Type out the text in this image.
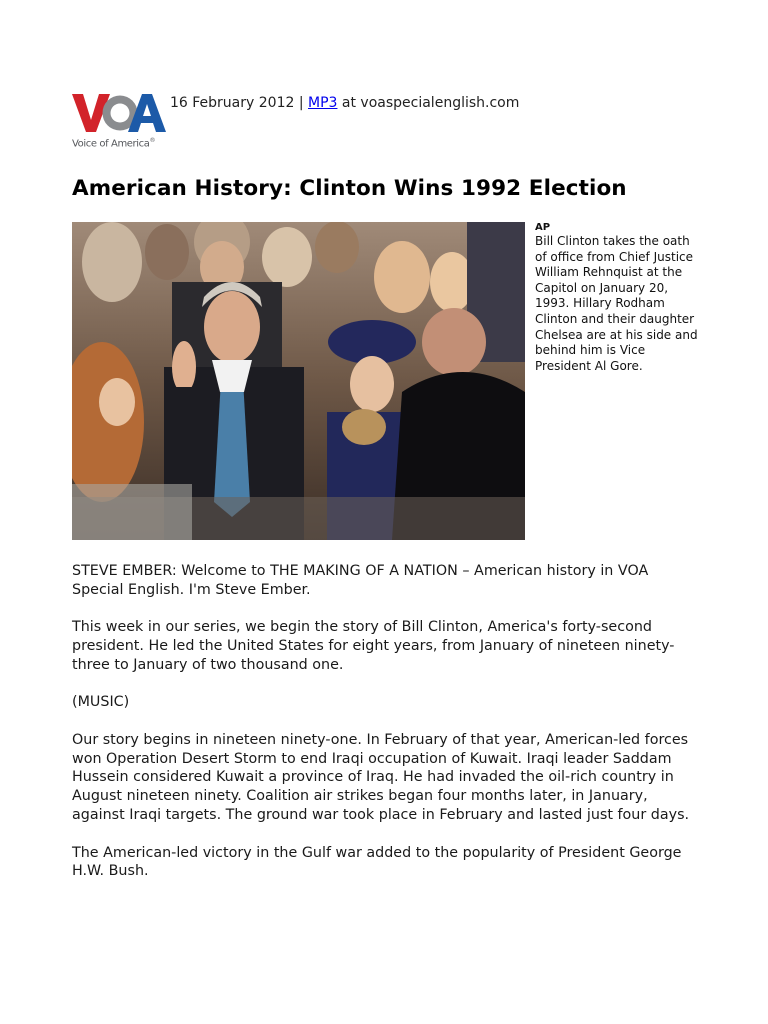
Voice of America®
16 February 2012 | MP3 at voaspecialenglish.com
American History: Clinton Wins 1992 Election
AP
Bill Clinton takes the oath of office from Chief Justice William Rehnquist at the Capitol on January 20, 1993. Hillary Rodham Clinton and their daughter Chelsea are at his side and behind him is Vice President Al Gore.

STEVE EMBER: Welcome to THE MAKING OF A NATION – American history in VOA Special English. I'm Steve Ember.

This week in our series, we begin the story of Bill Clinton, America's forty-second president. He led the United States for eight years, from January of nineteen ninety-three to January of two thousand one.

(MUSIC)

Our story begins in nineteen ninety-one. In February of that year, American-led forces won Operation Desert Storm to end Iraqi occupation of Kuwait. Iraqi leader Saddam Hussein considered Kuwait a province of Iraq. He had invaded the oil-rich country in August nineteen ninety. Coalition air strikes began four months later, in January, against Iraqi targets. The ground war took place in February and lasted just four days.

The American-led victory in the Gulf war added to the popularity of President George H.W. Bush.
